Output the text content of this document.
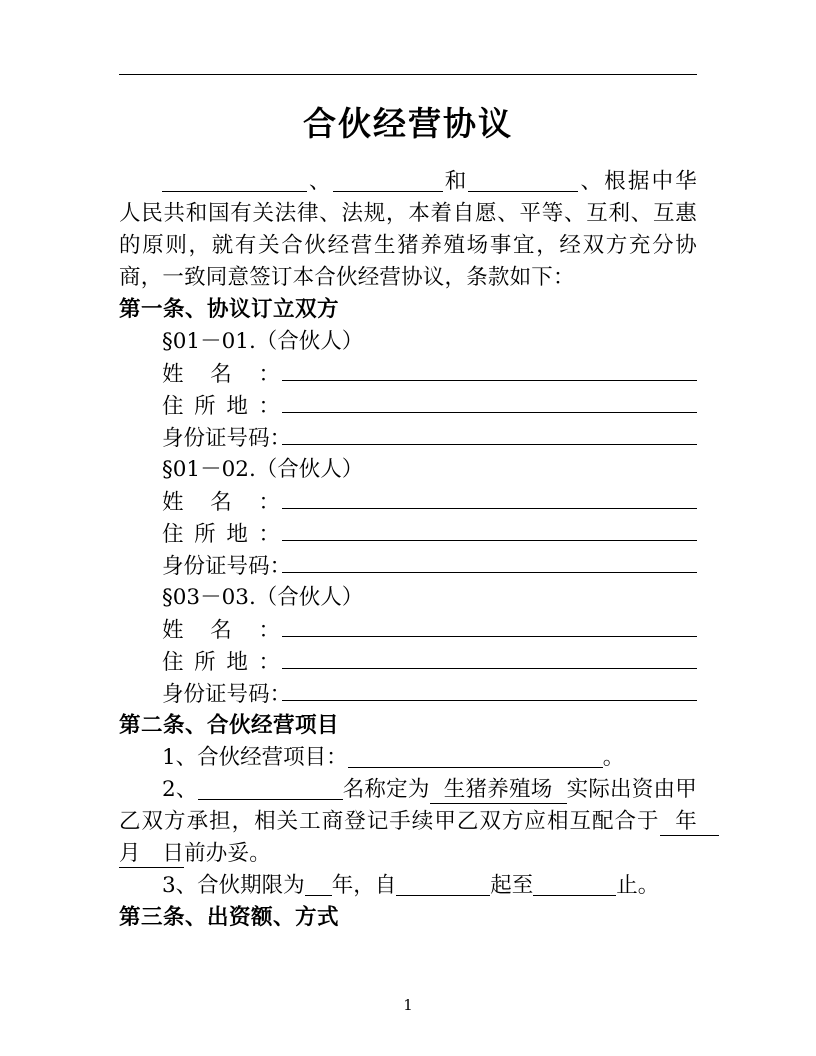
合伙经营协议

、	和	、根据中华人民共和国有关法律、法规，本着自愿、平等、互利、互惠的原则，就有关合伙经营生猪养殖场事宜，经双方充分协商，一致同意签订本合伙经营协议，条款如下：

第一条、协议订立双方

§01－01.（合伙人）

姓 名 ：
住 所 地 ：
身 份 证 号 码 ：

§01－02.（合伙人）

姓 名 ：
住 所 地 ：
身 份 证 号 码 ：

§03－03.（合伙人）

姓 名 ：
住 所 地 ：
身 份 证 号 码 ：

第二条、合伙经营项目

1、合伙经营项目：	。

2、	名称定为 生猪养殖场 实际出资由甲乙双方承担，相关工商登记手续甲乙双方应相互配合于 年　月　日前办妥。

3、合伙期限为 年，自	起至	止。

第三条、出资额、方式

1
